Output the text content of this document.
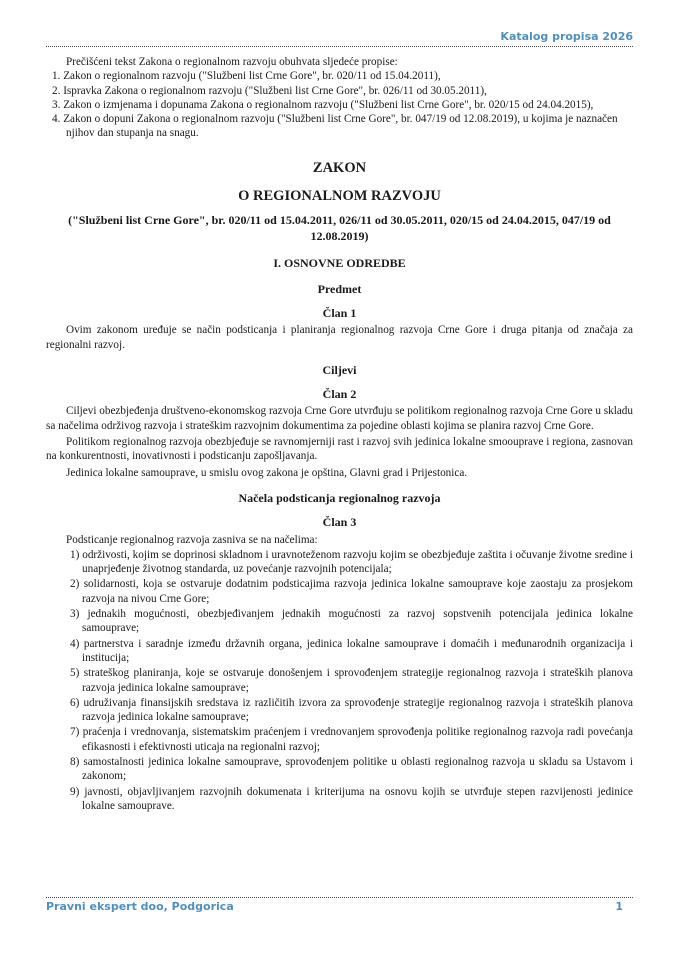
Katalog propisa 2026

Prečišćeni tekst Zakona o regionalnom razvoju obuhvata sljedeće propise:

1. Zakon o regionalnom razvoju ("Službeni list Crne Gore", br. 020/11 od 15.04.2011),

2. Ispravka Zakona o regionalnom razvoju ("Službeni list Crne Gore", br. 026/11 od 30.05.2011),

3. Zakon o izmjenama i dopunama Zakona o regionalnom razvoju ("Službeni list Crne Gore", br. 020/15 od 24.04.2015),

4. Zakon o dopuni Zakona o regionalnom razvoju ("Službeni list Crne Gore", br. 047/19 od 12.08.2019), u kojima je naznačen njihov dan stupanja na snagu.

ZAKON

O REGIONALNOM RAZVOJU

("Službeni list Crne Gore", br. 020/11 od 15.04.2011, 026/11 od 30.05.2011, 020/15 od 24.04.2015, 047/19 od 12.08.2019)

I. OSNOVNE ODREDBE

Predmet

Član 1

Ovim zakonom uređuje se način podsticanja i planiranja regionalnog razvoja Crne Gore i druga pitanja od značaja za regionalni razvoj.

Ciljevi

Član 2

Ciljevi obezbjeđenja društveno-ekonomskog razvoja Crne Gore utvrđuju se politikom regionalnog razvoja Crne Gore u skladu sa načelima održivog razvoja i strateškim razvojnim dokumentima za pojedine oblasti kojima se planira razvoj Crne Gore.

Politikom regionalnog razvoja obezbjeđuje se ravnomjerniji rast i razvoj svih jedinica lokalne smoouprave i regiona, zasnovan na konkurentnosti, inovativnosti i podsticanju zapošljavanja.

Jedinica lokalne samouprave, u smislu ovog zakona je opština, Glavni grad i Prijestonica.

Načela podsticanja regionalnog razvoja

Član 3

Podsticanje regionalnog razvoja zasniva se na načelima:

1) održivosti, kojim se doprinosi skladnom i uravnoteženom razvoju kojim se obezbjeđuje zaštita i očuvanje životne sredine i unaprjeđenje životnog standarda, uz povećanje razvojnih potencijala;

2) solidarnosti, koja se ostvaruje dodatnim podsticajima razvoja jedinica lokalne samouprave koje zaostaju za prosjekom razvoja na nivou Crne Gore;

3) jednakih mogućnosti, obezbjeđivanjem jednakih mogućnosti za razvoj sopstvenih potencijala jedinica lokalne samouprave;

4) partnerstva i saradnje između državnih organa, jedinica lokalne samouprave i domaćih i međunarodnih organizacija i institucija;

5) strateškog planiranja, koje se ostvaruje donošenjem i sprovođenjem strategije regionalnog razvoja i strateških planova razvoja jedinica lokalne samouprave;

6) udruživanja finansijskih sredstava iz različitih izvora za sprovođenje strategije regionalnog razvoja i strateških planova razvoja jedinica lokalne samouprave;

7) praćenja i vrednovanja, sistematskim praćenjem i vrednovanjem sprovođenja politike regionalnog razvoja radi povećanja efikasnosti i efektivnosti uticaja na regionalni razvoj;

8) samostalnosti jedinica lokalne samouprave, sprovođenjem politike u oblasti regionalnog razvoja u skladu sa Ustavom i zakonom;

9) javnosti, objavljivanjem razvojnih dokumenata i kriterijuma na osnovu kojih se utvrđuje stepen razvijenosti jedinice lokalne samouprave.

Pravni ekspert doo, Podgorica	1
